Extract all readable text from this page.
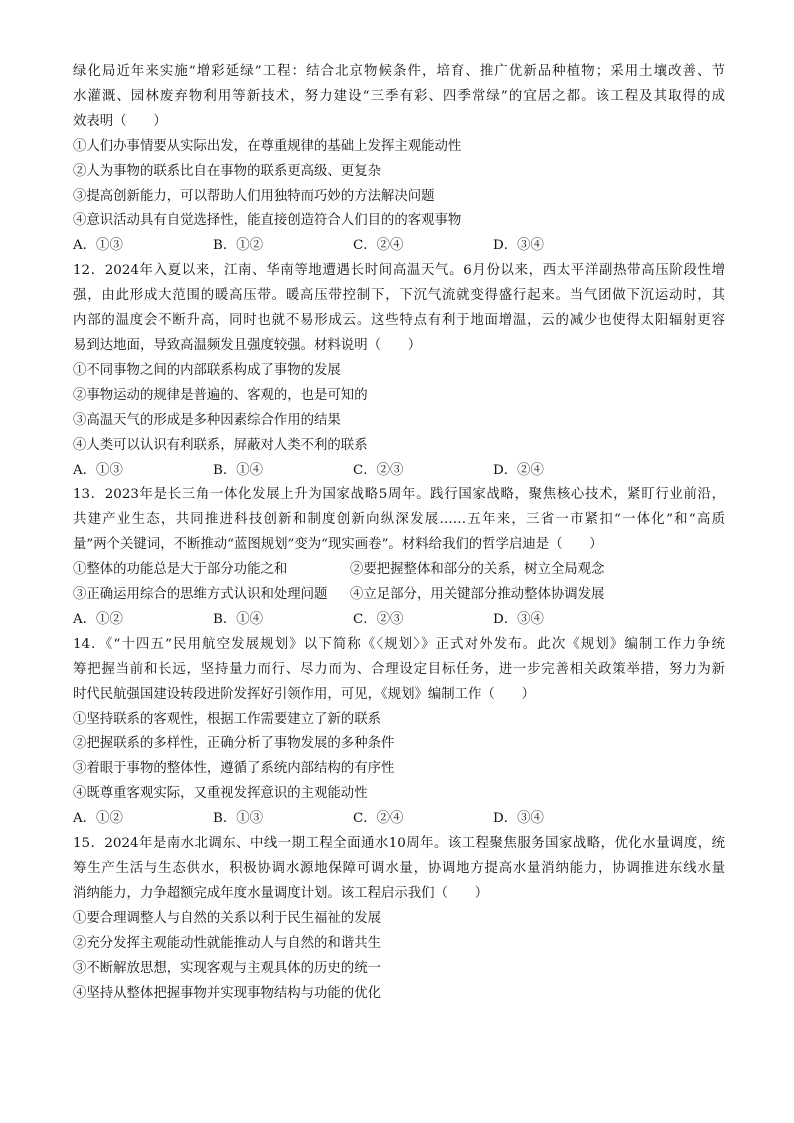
绿化局近年来实施“增彩延绿”工程：结合北京物候条件，培育、推广优新品种植物；采用土壤改善、节
水灌溉、园林废弃物利用等新技术，努力建设“三季有彩、四季常绿”的宜居之都。该工程及其取得的成
效表明（　　）
①人们办事情要从实际出发，在尊重规律的基础上发挥主观能动性
②人为事物的联系比自在事物的联系更高级、更复杂
③提高创新能力，可以帮助人们用独特而巧妙的方法解决问题
④意识活动具有自觉选择性，能直接创造符合人们目的的客观事物
A．①③	B．①②	C．②④	D．③④
12．2024年入夏以来，江南、华南等地遭遇长时间高温天气。6月份以来，西太平洋副热带高压阶段性增
强，由此形成大范围的暖高压带。暖高压带控制下，下沉气流就变得盛行起来。当气团做下沉运动时，其
内部的温度会不断升高，同时也就不易形成云。这些特点有利于地面增温，云的减少也使得太阳辐射更容
易到达地面，导致高温频发且强度较强。材料说明（　　）
①不同事物之间的内部联系构成了事物的发展
②事物运动的规律是普遍的、客观的，也是可知的
③高温天气的形成是多种因素综合作用的结果
④人类可以认识有利联系，屏蔽对人类不利的联系
A．①③	B．①④	C．②③	D．②④
13．2023年是长三角一体化发展上升为国家战略5周年。践行国家战略，聚焦核心技术，紧盯行业前沿，
共建产业生态，共同推进科技创新和制度创新向纵深发展……五年来，三省一市紧扣“一体化”和“高质
量”两个关键词，不断推动“蓝图规划”变为“现实画卷”。材料给我们的哲学启迪是（　　）
①整体的功能总是大于部分功能之和	②要把握整体和部分的关系，树立全局观念
③正确运用综合的思维方式认识和处理问题	④立足部分，用关键部分推动整体协调发展
A．①②	B．①④	C．②③	D．③④
14．《“十四五”民用航空发展规划》以下简称《〈规划〉》正式对外发布。此次《规划》编制工作力争统
筹把握当前和长远，坚持量力而行、尽力而为、合理设定目标任务，进一步完善相关政策举措，努力为新
时代民航强国建设转段进阶发挥好引领作用，可见，《规划》编制工作（　　）
①坚持联系的客观性，根据工作需要建立了新的联系
②把握联系的多样性，正确分析了事物发展的多种条件
③着眼于事物的整体性，遵循了系统内部结构的有序性
④既尊重客观实际，又重视发挥意识的主观能动性
A．①②	B．①③	C．②④	D．③④
15．2024年是南水北调东、中线一期工程全面通水10周年。该工程聚焦服务国家战略，优化水量调度，统
筹生产生活与生态供水，积极协调水源地保障可调水量，协调地方提高水量消纳能力，协调推进东线水量
消纳能力，力争超额完成年度水量调度计划。该工程启示我们（　　）
①要合理调整人与自然的关系以利于民生福祉的发展
②充分发挥主观能动性就能推动人与自然的和谐共生
③不断解放思想，实现客观与主观具体的历史的统一
④坚持从整体把握事物并实现事物结构与功能的优化
